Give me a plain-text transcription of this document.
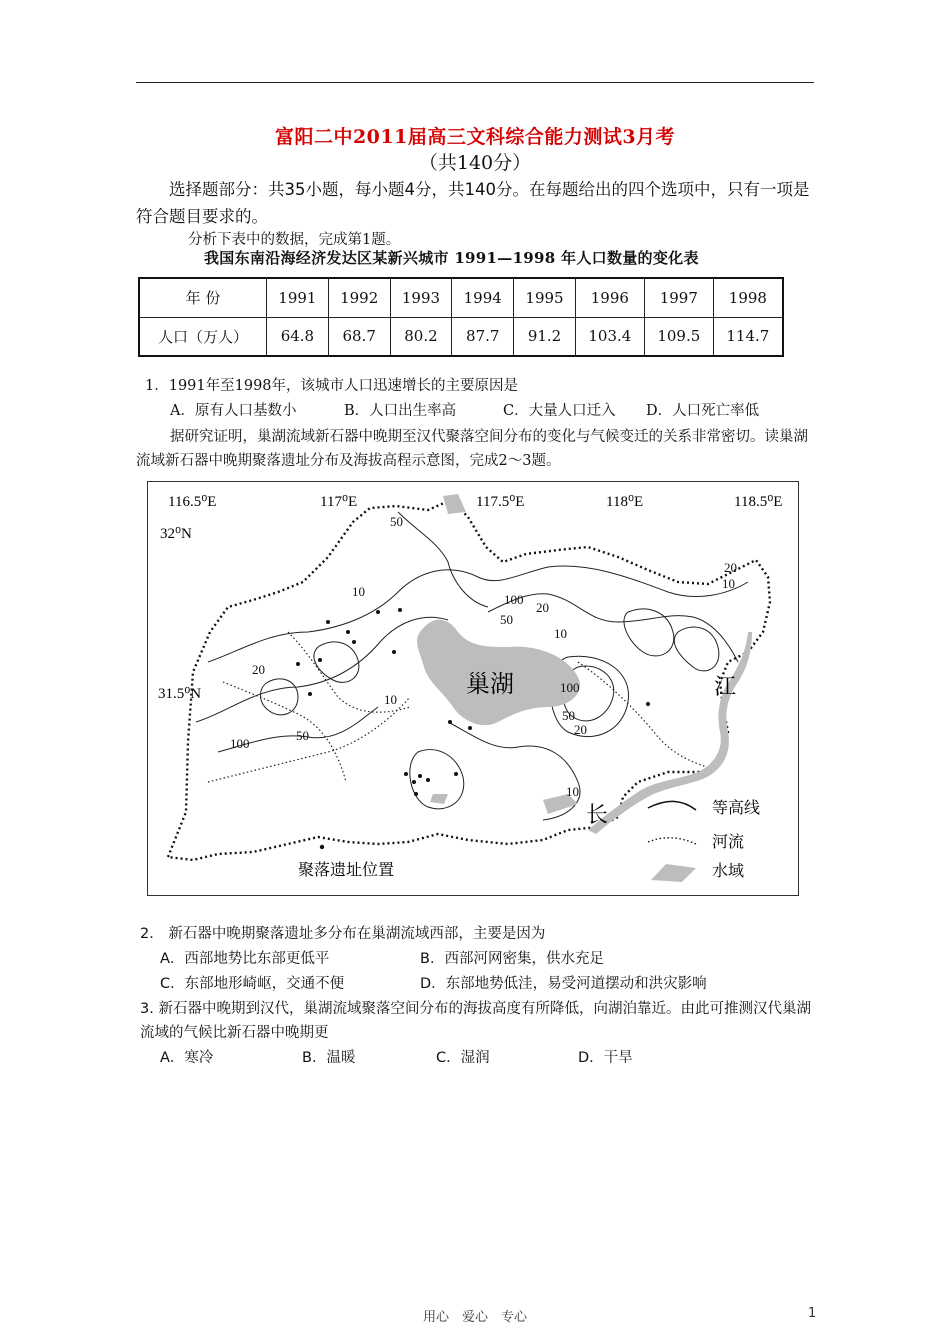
富阳二中2011届高三文科综合能力测试3月考
（共140分）
选择题部分：共35小题，每小题4分，共140分。在每题给出的四个选项中，只有一项是符合题目要求的。
分析下表中的数据，完成第1题。
我国东南沿海经济发达区某新兴城市 1991—1998 年人口数量的变化表
年 份	1991	1992	1993	1994	1995	1996	1997	1998
人口（万人）	64.8	68.7	80.2	87.7	91.2	103.4	109.5	114.7
1．1991年至1998年，该城市人口迅速增长的主要原因是
A．原有人口基数小	B．人口出生率高	C．大量人口迁入 D．人口死亡率低
据研究证明，巢湖流域新石器中晚期至汉代聚落空间分布的变化与气候变迁的关系非常密切。读巢湖流域新石器中晚期聚落遗址分布及海拔高程示意图，完成2～3题。
116.5⁰E	117⁰E	117.5⁰E	118⁰E	118.5⁰E
32⁰N
31.5⁰N
50
100
20
50
10
20
10
100
50
20
10
20
10
100
50
10
巢湖	江
长	等高线
河流
水域
聚落遗址位置
2． 新石器中晚期聚落遗址多分布在巢湖流域西部，主要是因为
A．西部地势比东部更低平	B．西部河网密集，供水充足
C．东部地形崎岖，交通不便	D．东部地势低洼，易受河道摆动和洪灾影响
3. 新石器中晚期到汉代，巢湖流域聚落空间分布的海拔高度有所降低，向湖泊靠近。由此可推测汉代巢湖流域的气候比新石器中晚期更
A．寒冷	B．温暖	C．湿润	D．干旱
用心　爱心　专心	1
